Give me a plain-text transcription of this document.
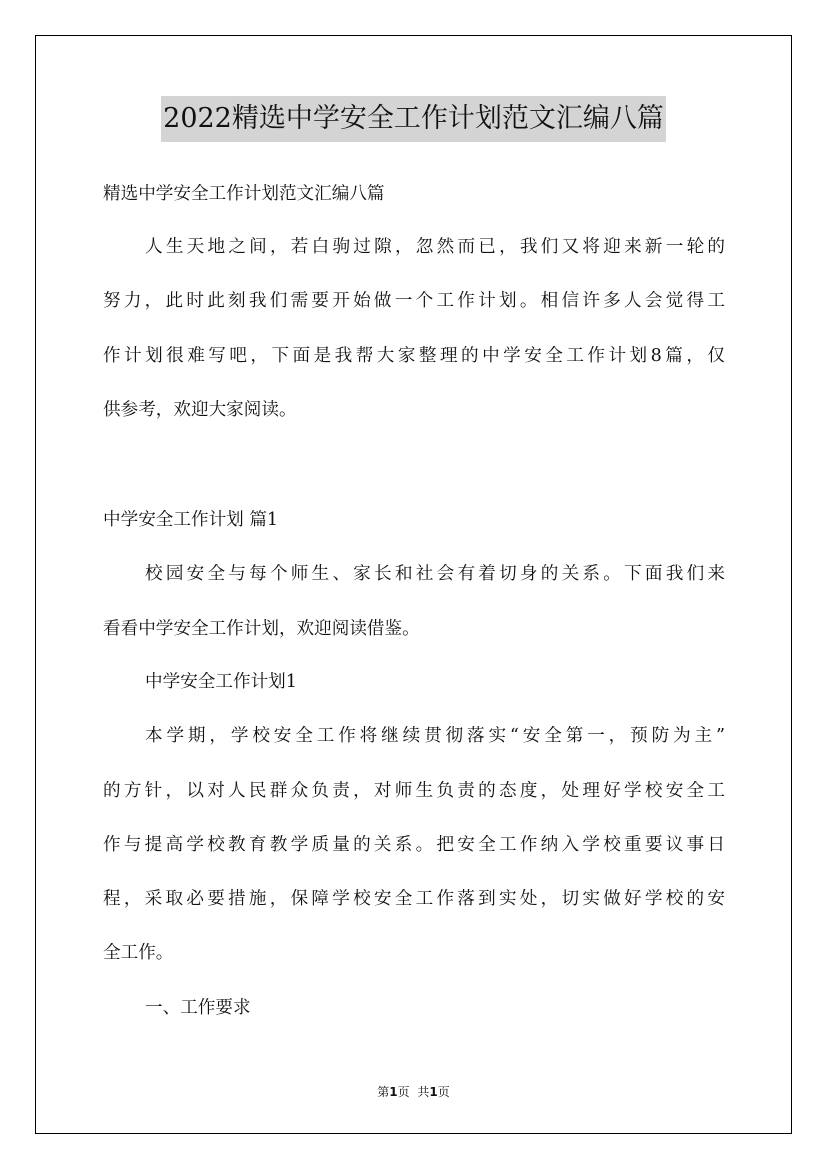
2022精选中学安全工作计划范文汇编八篇
精选中学安全工作计划范文汇编八篇
人生天地之间，若白驹过隙，忽然而已，我们又将迎来新一轮的
努力，此时此刻我们需要开始做一个工作计划。相信许多人会觉得工
作计划很难写吧，下面是我帮大家整理的中学安全工作计划8篇，仅
供参考，欢迎大家阅读。
中学安全工作计划 篇1
校园安全与每个师生、家长和社会有着切身的关系。下面我们来
看看中学安全工作计划，欢迎阅读借鉴。
中学安全工作计划1
本学期，学校安全工作将继续贯彻落实“安全第一，预防为主”
的方针，以对人民群众负责，对师生负责的态度，处理好学校安全工
作与提高学校教育教学质量的关系。把安全工作纳入学校重要议事日
程，采取必要措施，保障学校安全工作落到实处，切实做好学校的安
全工作。
一、工作要求
第1页 共1页
